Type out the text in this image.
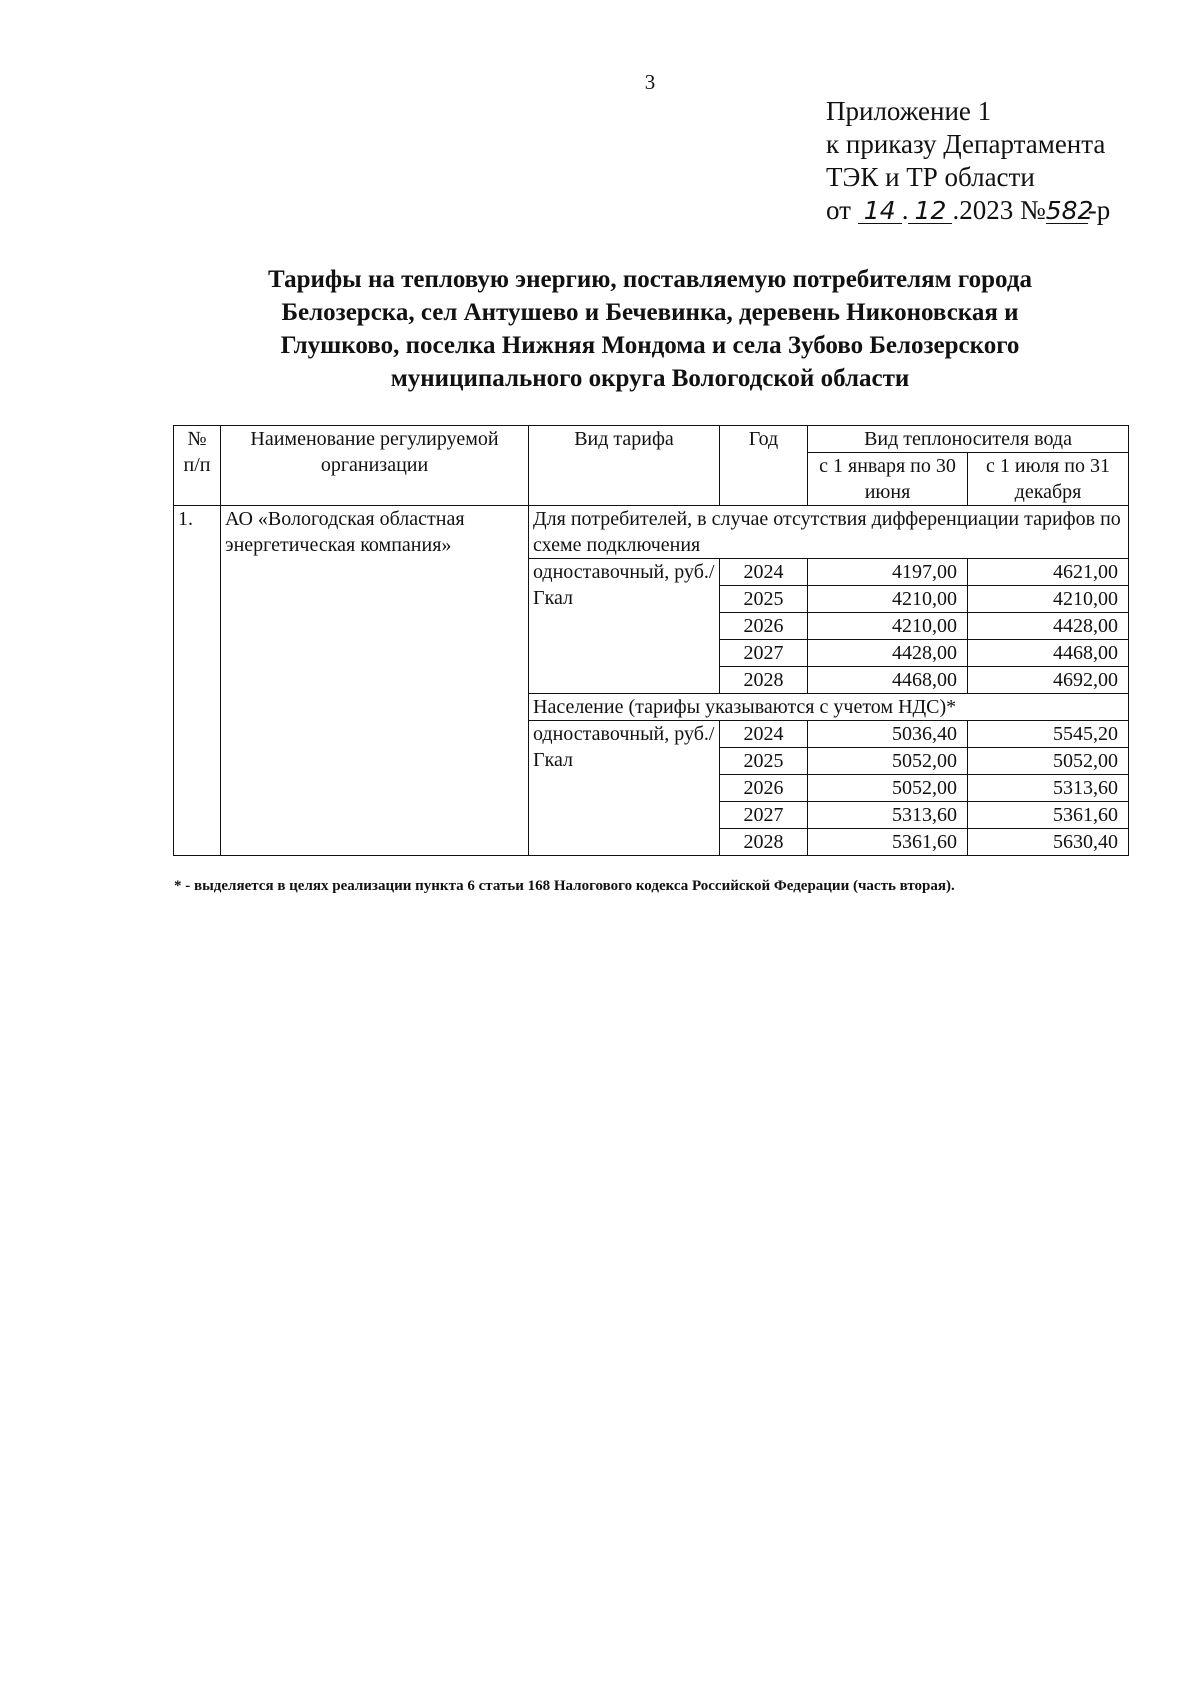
3
Приложение 1
к приказу Департамента
ТЭК и ТР области
от 14 . 12 .2023 №582-р
Тарифы на тепловую энергию, поставляемую потребителям города
Белозерска, сел Антушево и Бечевинка, деревень Никоновская и
Глушково, поселка Нижняя Мондома и села Зубово Белозерского
муниципального округа Вологодской области
№ п/п	Наименование регулируемой организации	Вид тарифа	Год	Вид теплоносителя вода	
				с 1 января по 30 июня	с 1 июля по 31 декабря
1.	АО «Вологодская областная энергетическая компания»	Для потребителей, в случае отсутствия дифференциации тарифов по схеме подключения			
		одноставочный, руб./Гкал	2024	4197,00	4621,00
			2025	4210,00	4210,00
			2026	4210,00	4428,00
			2027	4428,00	4468,00
			2028	4468,00	4692,00
		Население (тарифы указываются с учетом НДС)*			
		одноставочный, руб./Гкал	2024	5036,40	5545,20
			2025	5052,00	5052,00
			2026	5052,00	5313,60
			2027	5313,60	5361,60
			2028	5361,60	5630,40
* - выделяется в целях реализации пункта 6 статьи 168 Налогового кодекса Российской Федерации (часть вторая).
